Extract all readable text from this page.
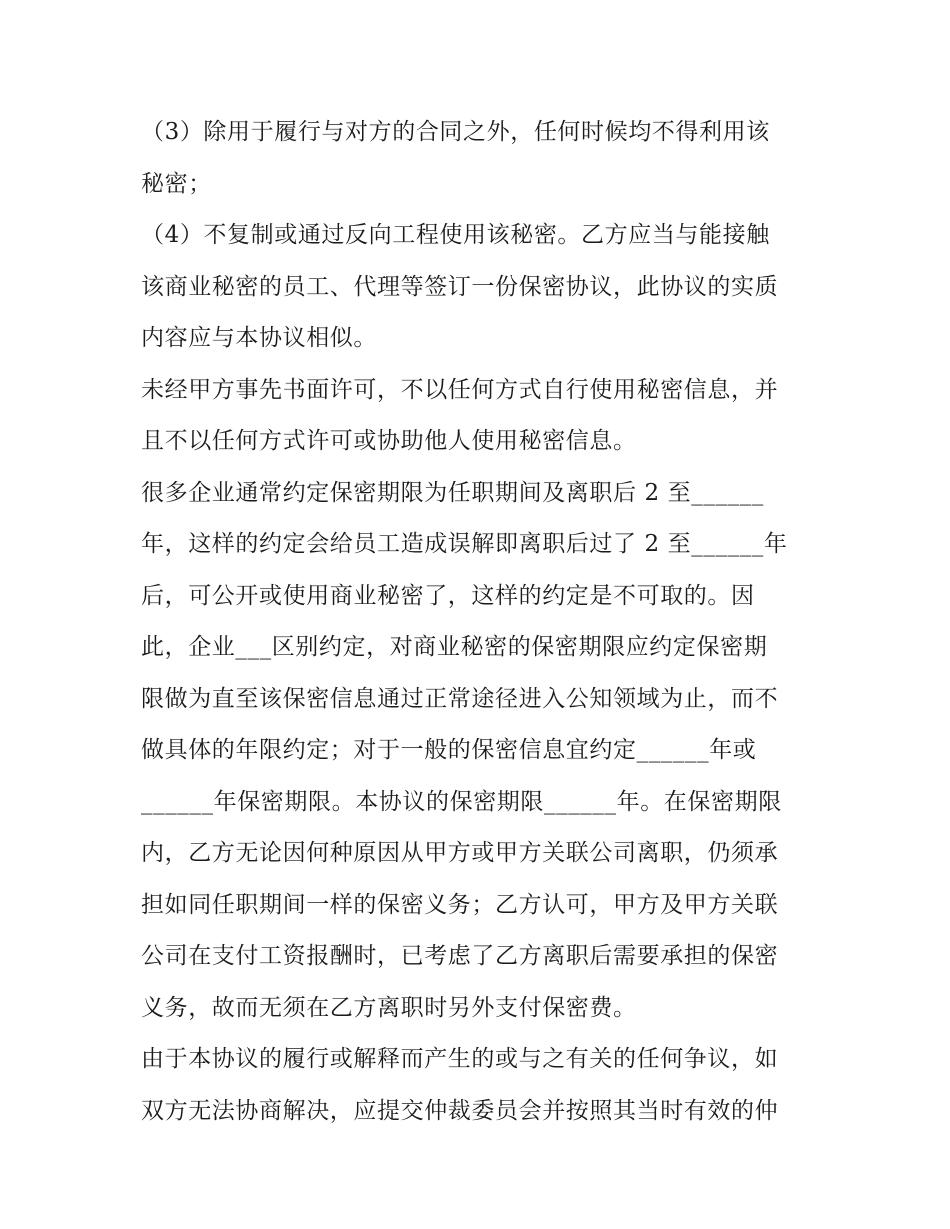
（3）除用于履行与对方的合同之外，任何时候均不得利用该
秘密；
（4）不复制或通过反向工程使用该秘密。乙方应当与能接触
该商业秘密的员工、代理等签订一份保密协议，此协议的实质
内容应与本协议相似。
未经甲方事先书面许可，不以任何方式自行使用秘密信息，并
且不以任何方式许可或协助他人使用秘密信息。
很多企业通常约定保密期限为任职期间及离职后 2 至______
年，这样的约定会给员工造成误解即离职后过了 2 至______年
后，可公开或使用商业秘密了，这样的约定是不可取的。因
此，企业___区别约定，对商业秘密的保密期限应约定保密期
限做为直至该保密信息通过正常途径进入公知领域为止，而不
做具体的年限约定；对于一般的保密信息宜约定______年或
______年保密期限。本协议的保密期限______年。在保密期限
内，乙方无论因何种原因从甲方或甲方关联公司离职，仍须承
担如同任职期间一样的保密义务；乙方认可，甲方及甲方关联
公司在支付工资报酬时，已考虑了乙方离职后需要承担的保密
义务，故而无须在乙方离职时另外支付保密费。
由于本协议的履行或解释而产生的或与之有关的任何争议，如
双方无法协商解决，应提交仲裁委员会并按照其当时有效的仲
